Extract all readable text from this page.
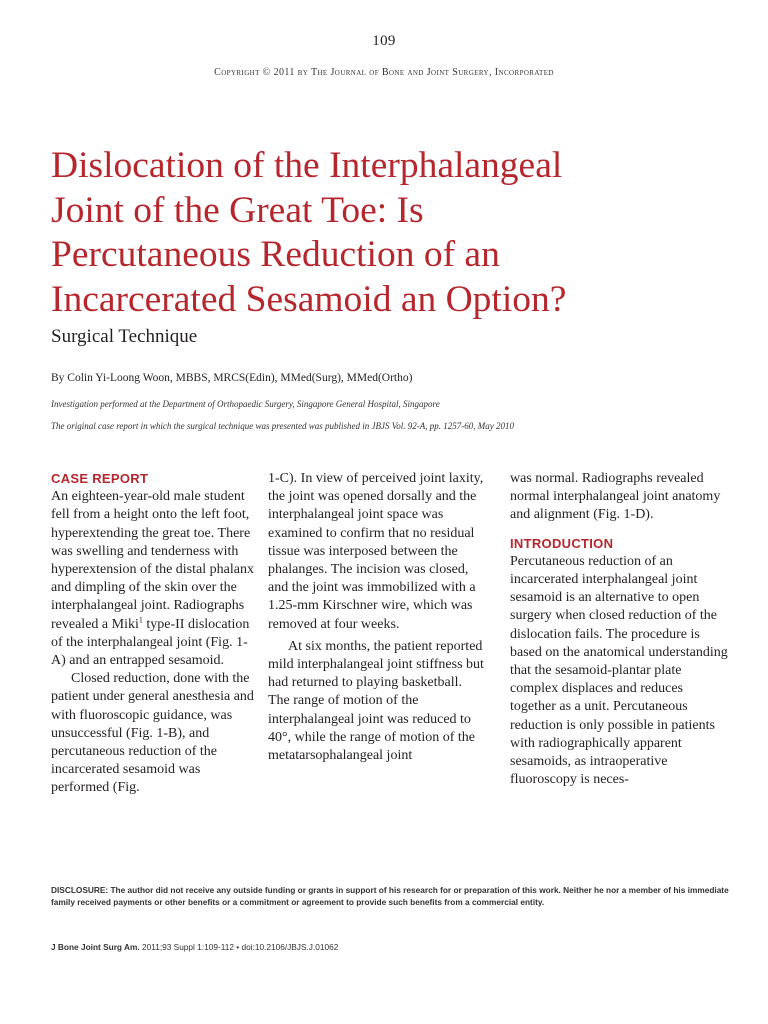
109
Copyright © 2011 by The Journal of Bone and Joint Surgery, Incorporated
Dislocation of the Interphalangeal
Joint of the Great Toe: Is
Percutaneous Reduction of an
Incarcerated Sesamoid an Option?
Surgical Technique
By Colin Yi-Loong Woon, MBBS, MRCS(Edin), MMed(Surg), MMed(Ortho)
Investigation performed at the Department of Orthopaedic Surgery, Singapore General Hospital, Singapore
The original case report in which the surgical technique was presented was published in JBJS Vol. 92-A, pp. 1257-60, May 2010
CASE REPORT

An eighteen-year-old male student fell from a height onto the left foot, hyperextending the great toe. There was swelling and tenderness with hyperextension of the distal phalanx and dimpling of the skin over the interphalangeal joint. Radiographs revealed a Miki$^1$ type-II dislocation of the interphalangeal joint (Fig. 1-A) and an entrapped sesamoid.

Closed reduction, done with the patient under general anesthesia and with fluoroscopic guidance, was unsuccessful (Fig. 1-B), and percutaneous reduction of the incarcerated sesamoid was performed (Fig.

1-C). In view of perceived joint laxity, the joint was opened dorsally and the interphalangeal joint space was examined to confirm that no residual tissue was interposed between the phalanges. The incision was closed, and the joint was immobilized with a 1.25-mm Kirschner wire, which was removed at four weeks.

At six months, the patient reported mild interphalangeal joint stiffness but had returned to playing basketball. The range of motion of the interphalangeal joint was reduced to 40°, while the range of motion of the metatarsophalangeal joint

was normal. Radiographs revealed normal interphalangeal joint anatomy and alignment (Fig. 1-D).

INTRODUCTION

Percutaneous reduction of an incarcerated interphalangeal joint sesamoid is an alternative to open surgery when closed reduction of the dislocation fails. The procedure is based on the anatomical understanding that the sesamoid-plantar plate complex displaces and reduces together as a unit. Percutaneous reduction is only possible in patients with radiographically apparent sesamoids, as intraoperative fluoroscopy is neces-

DISCLOSURE: The author did not receive any outside funding or grants in support of his research for or preparation of this work. Neither he nor a member of his immediate family received payments or other benefits or a commitment or agreement to provide such benefits from a commercial entity.
J Bone Joint Surg Am. 2011;93 Suppl 1:109-112 • doi:10.2106/JBJS.J.01062
